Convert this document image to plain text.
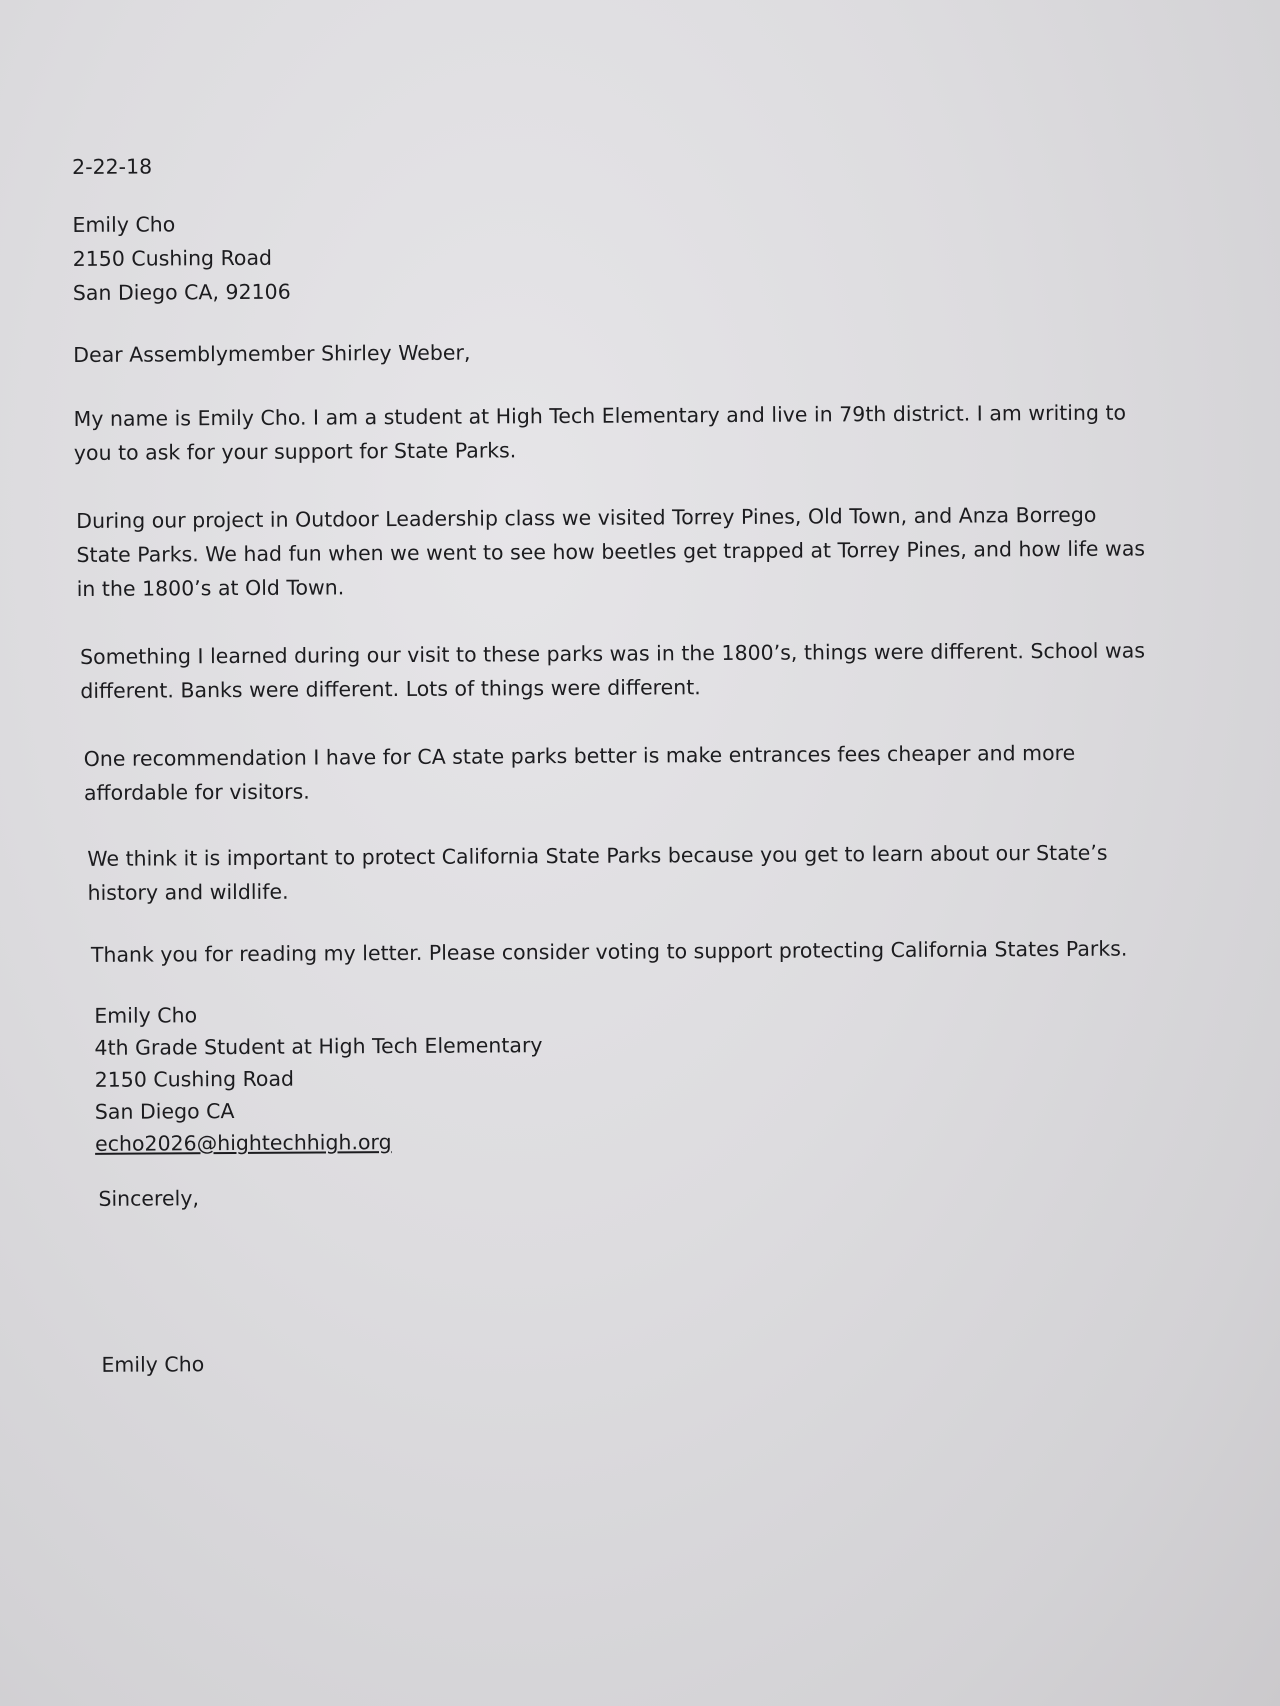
2-22-18
Emily Cho
2150 Cushing Road
San Diego CA, 92106
Dear Assemblymember Shirley Weber,
My name is Emily Cho. I am a student at High Tech Elementary and live in 79th district. I am writing to
you to ask for your support for State Parks.
During our project in Outdoor Leadership class we visited Torrey Pines, Old Town, and Anza Borrego
State Parks. We had fun when we went to see how beetles get trapped at Torrey Pines, and how life was
in the 1800’s at Old Town.
Something I learned during our visit to these parks was in the 1800’s, things were different. School was
different. Banks were different. Lots of things were different.
One recommendation I have for CA state parks better is make entrances fees cheaper and more
affordable for visitors.
We think it is important to protect California State Parks because you get to learn about our State’s
history and wildlife.
Thank you for reading my letter. Please consider voting to support protecting California States Parks.
Emily Cho
4th Grade Student at High Tech Elementary
2150 Cushing Road
San Diego CA
echo2026@hightechhigh.org
Sincerely,
Emily Cho
